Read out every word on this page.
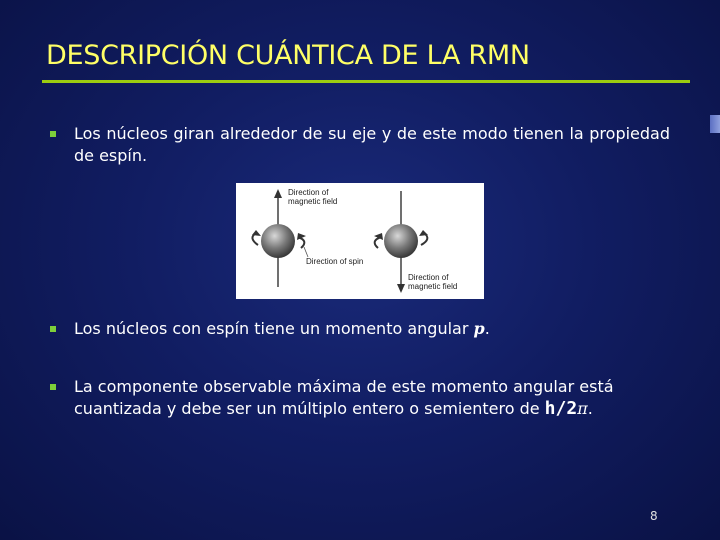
DESCRIPCIÓN CUÁNTICA DE LA RMN
Los núcleos giran alrededor de su eje y de este modo tienen la propiedad de espín.
Direction of magnetic field
Direction of spin
Direction of magnetic field
Los núcleos con espín tiene un momento angular p.
La componente observable máxima de este momento angular está cuantizada y debe ser un múltiplo entero o semientero de h/2π.
8
